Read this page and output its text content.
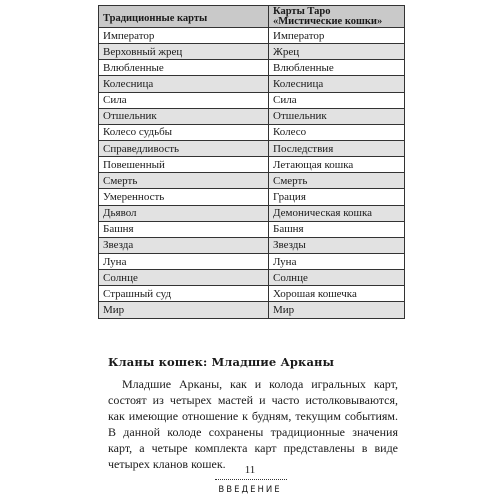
Традиционные карты	Карты Таро
«Мистические кошки»
Император	Император
Верховный жрец	Жрец
Влюбленные	Влюбленные
Колесница	Колесница
Сила	Сила
Отшельник	Отшельник
Колесо судьбы	Колесо
Справедливость	Последствия
Повешенный	Летающая кошка
Смерть	Смерть
Умеренность	Грация
Дьявол	Демоническая кошка
Башня	Башня
Звезда	Звезды
Луна	Луна
Солнце	Солнце
Страшный суд	Хорошая кошечка
Мир	Мир
Кланы кошек: Младшие Арканы

Младшие Арканы, как и колода игральных карт, состоят из четырех мастей и часто истолковываются, как имеющие отношение к будням, текущим событиям. В данной колоде сохранены традиционные значения карт, а четыре комплекта карт представлены в виде четырех кланов кошек.	11
ВВЕДЕНИЕ
